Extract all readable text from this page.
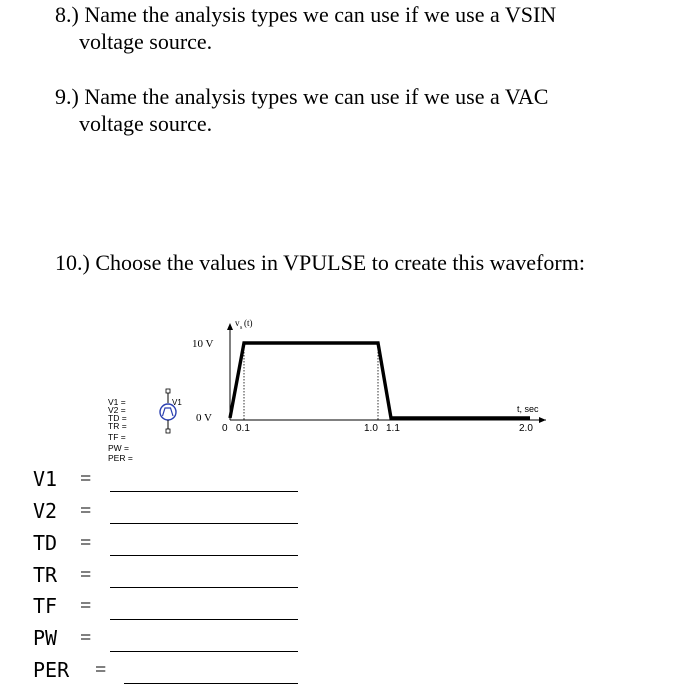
8.) Name the analysis types we can use if we use a VSIN
voltage source.
9.) Name the analysis types we can use if we use a VAC
voltage source.
10.) Choose the values in VPULSE to create this waveform:
V1 =
V2 =
TD =
TR =
TF =
PW =
PER =
V1
v s (t)
10 V
0 V
t, sec
0 0.1	1.0 1.1	2.0
V1 =
V2 =
TD =
TR =
TF =
PW =
PER =
